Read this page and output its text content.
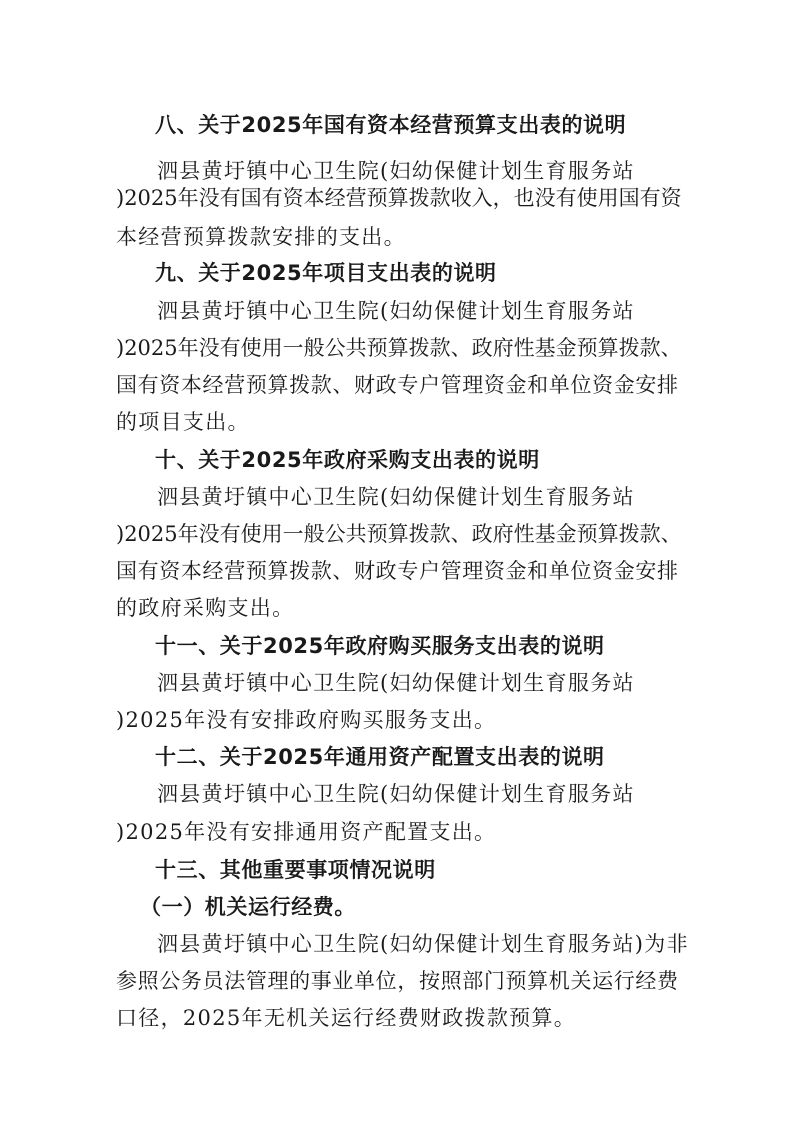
八、关于2025年国有资本经营预算支出表的说明
泗县黄圩镇中心卫生院(妇幼保健计划生育服务站
)2025年没有国有资本经营预算拨款收入，也没有使用国有资
本经营预算拨款安排的支出。
九、关于2025年项目支出表的说明
泗县黄圩镇中心卫生院(妇幼保健计划生育服务站
)2025年没有使用一般公共预算拨款、政府性基金预算拨款、
国有资本经营预算拨款、财政专户管理资金和单位资金安排
的项目支出。
十、关于2025年政府采购支出表的说明
泗县黄圩镇中心卫生院(妇幼保健计划生育服务站
)2025年没有使用一般公共预算拨款、政府性基金预算拨款、
国有资本经营预算拨款、财政专户管理资金和单位资金安排
的政府采购支出。
十一、关于2025年政府购买服务支出表的说明
泗县黄圩镇中心卫生院(妇幼保健计划生育服务站
)2025年没有安排政府购买服务支出。
十二、关于2025年通用资产配置支出表的说明
泗县黄圩镇中心卫生院(妇幼保健计划生育服务站
)2025年没有安排通用资产配置支出。
十三、其他重要事项情况说明
（一）机关运行经费。
泗县黄圩镇中心卫生院(妇幼保健计划生育服务站)为非
参照公务员法管理的事业单位，按照部门预算机关运行经费
口径，2025年无机关运行经费财政拨款预算。
